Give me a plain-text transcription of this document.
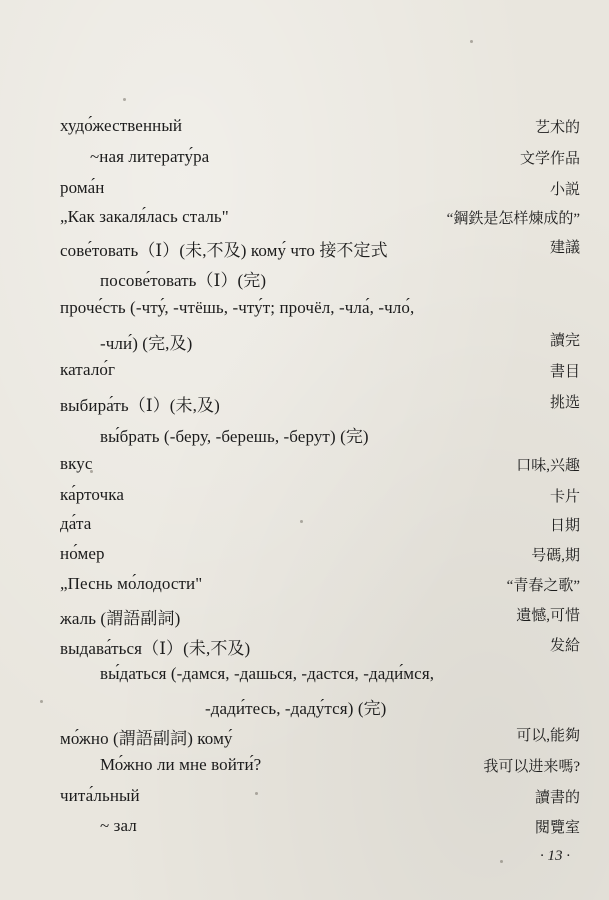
худо́жественный	艺术的
~ная литерату́ра	文学作品
рома́н	小説
„Как закаля́лась сталь"	“鋼鉄是怎样煉成的”
сове́товать（Ⅰ）(未,不及) кому́ что 接不定式	建議
посове́товать（Ⅰ）(完)
проче́сть (-чту́, -чтёшь, -чту́т; прочёл, -чла́, -чло́,
-чли́) (完,及)	讀完
катало́г	書目
выбира́ть（Ⅰ）(未,及)	挑选
вы́брать (-беру, -берешь, -берут) (完)
вкус	口味,兴趣
ка́рточка	卡片
да́та	日期
но́мер	号碼,期
„Песнь мо́лодости"	“青春之歌”
жаль (謂語副詞)	遺憾,可惜
выдава́ться（Ⅰ）(未,不及)	发給
вы́даться (-дамся, -дашься, -дастся, -дади́мся,
-дади́тесь, -даду́тся) (完)
мо́жно (謂語副詞) кому́	可以,能夠
Мо́жно ли мне войти́?	我可以进来嗎?
чита́льный	讀書的
~ зал	閱覽室
· 13 ·
